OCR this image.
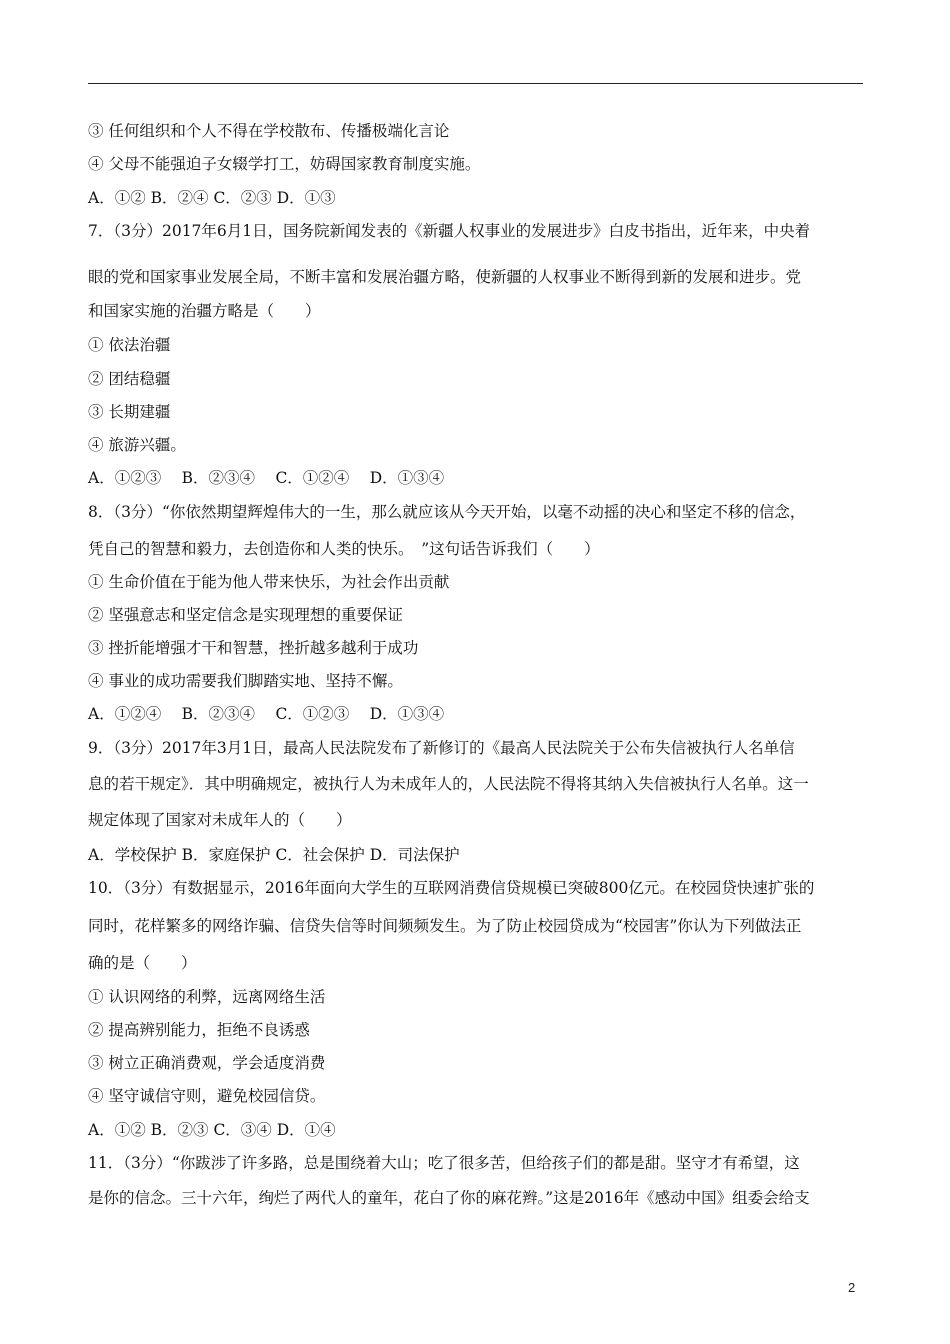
③ 任何组织和个人不得在学校散布、传播极端化言论
④ 父母不能强迫子女辍学打工，妨碍国家教育制度实施。
A．①② B．②④ C．②③ D．①③
7．（3分）2017年6月1日，国务院新闻发表的《新疆人权事业的发展进步》白皮书指出，近年来，中央着
眼的党和国家事业发展全局，不断丰富和发展治疆方略，使新疆的人权事业不断得到新的发展和进步。党
和国家实施的治疆方略是（　　）
① 依法治疆
② 团结稳疆
③ 长期建疆
④ 旅游兴疆。
A．①②③　 B．②③④　 C．①②④　 D．①③④
8．（3分）“你依然期望辉煌伟大的一生，那么就应该从今天开始，以毫不动摇的决心和坚定不移的信念，
凭自己的智慧和毅力，去创造你和人类的快乐。　”这句话告诉我们（　　）
① 生命价值在于能为他人带来快乐，为社会作出贡献
② 坚强意志和坚定信念是实现理想的重要保证
③ 挫折能增强才干和智慧，挫折越多越利于成功
④ 事业的成功需要我们脚踏实地、坚持不懈。
A．①②④　 B．②③④　 C．①②③　 D．①③④
9．（3分）2017年3月1日，最高人民法院发布了新修订的《最高人民法院关于公布失信被执行人名单信
息的若干规定》．其中明确规定，被执行人为未成年人的，人民法院不得将其纳入失信被执行人名单。这一
规定体现了国家对未成年人的（　　）
A．学校保护 B．家庭保护 C．社会保护 D．司法保护
10．（3分）有数据显示，2016年面向大学生的互联网消费信贷规模已突破800亿元。在校园贷快速扩张的
同时，花样繁多的网络诈骗、信贷失信等时间频频发生。为了防止校园贷成为“校园害”你认为下列做法正
确的是（　　）
① 认识网络的利弊，远离网络生活
② 提高辨别能力，拒绝不良诱惑
③ 树立正确消费观，学会适度消费
④ 坚守诚信守则，避免校园信贷。
A．①② B．②③ C．③④ D．①④
11．（3分）“你跋涉了许多路，总是围绕着大山；吃了很多苦，但给孩子们的都是甜。坚守才有希望，这
是你的信念。三十六年，绚烂了两代人的童年，花白了你的麻花辫。”这是2016年《感动中国》组委会给支
2
